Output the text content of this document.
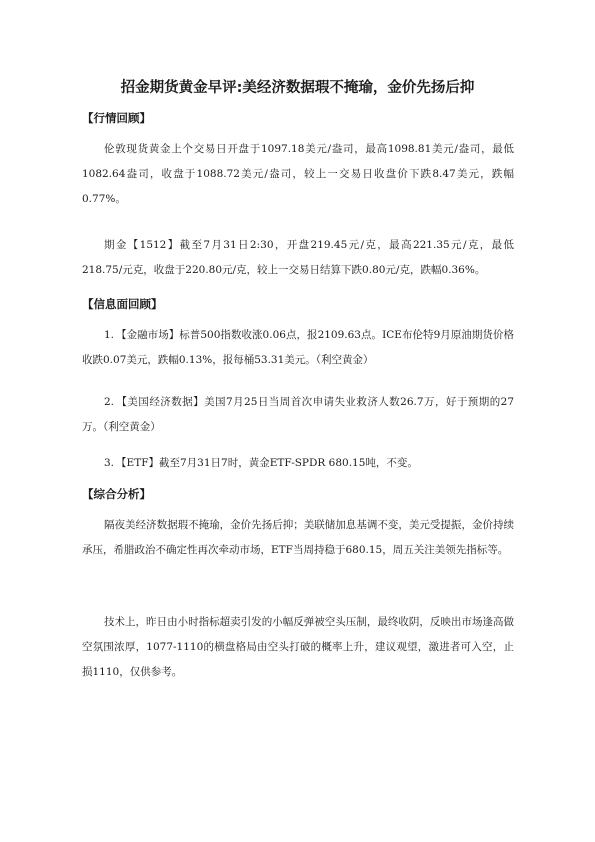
招金期货黄金早评:美经济数据瑕不掩瑜，金价先扬后抑
【行情回顾】

伦敦现货黄金上个交易日开盘于1097.18美元/盎司，最高1098.81美元/盎司，最低1082.64盎司，收盘于1088.72美元/盎司，较上一交易日收盘价下跌8.47美元，跌幅0.77%。

期金【1512】截至7月31日2:30，开盘219.45元/克，最高221.35元/克，最低218.75/元克，收盘于220.80元/克，较上一交易日结算下跌0.80元/克，跌幅0.36%。

【信息面回顾】

1. 【金融市场】标普500指数收涨0.06点，报2109.63点。ICE布伦特9月原油期货价格收跌0.07美元，跌幅0.13%，报每桶53.31美元。（利空黄金）

2. 【美国经济数据】美国7月25日当周首次申请失业救济人数26.7万，好于预期的27万。（利空黄金）

3. 【ETF】截至7月31日7时，黄金ETF-SPDR 680.15吨，不变。

【综合分析】

隔夜美经济数据瑕不掩瑜，金价先扬后抑；美联储加息基调不变，美元受提振，金价持续承压，希腊政治不确定性再次牵动市场，ETF当周持稳于680.15，周五关注美领先指标等。

技术上，昨日由小时指标超卖引发的小幅反弹被空头压制，最终收阴，反映出市场逢高做空氛围浓厚，1077-1110的横盘格局由空头打破的概率上升，建议观望，激进者可入空，止损1110，仅供参考。
